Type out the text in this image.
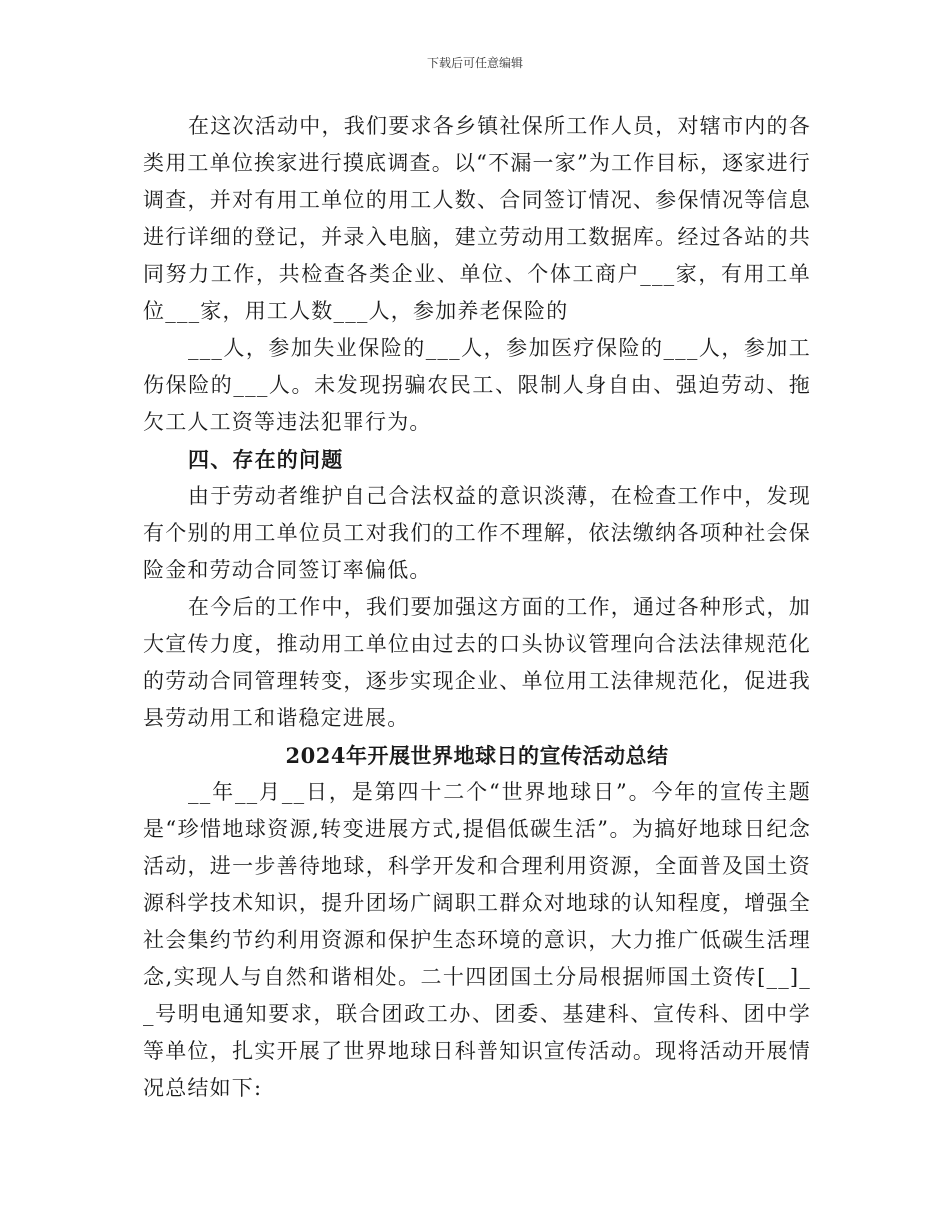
下载后可任意编辑

在这次活动中，我们要求各乡镇社保所工作人员，对辖市内的各类用工单位挨家进行摸底调查。以“不漏一家”为工作目标，逐家进行调查，并对有用工单位的用工人数、合同签订情况、参保情况等信息进行详细的登记，并录入电脑，建立劳动用工数据库。经过各站的共同努力工作，共检查各类企业、单位、个体工商户___家，有用工单位___家，用工人数___人，参加养老保险的

___人，参加失业保险的___人，参加医疗保险的___人，参加工伤保险的___人。未发现拐骗农民工、限制人身自由、强迫劳动、拖欠工人工资等违法犯罪行为。

四、存在的问题

由于劳动者维护自己合法权益的意识淡薄，在检查工作中，发现有个别的用工单位员工对我们的工作不理解，依法缴纳各项种社会保险金和劳动合同签订率偏低。

在今后的工作中，我们要加强这方面的工作，通过各种形式，加大宣传力度，推动用工单位由过去的口头协议管理向合法法律规范化的劳动合同管理转变，逐步实现企业、单位用工法律规范化，促进我县劳动用工和谐稳定进展。

2024年开展世界地球日的宣传活动总结

__年__月__日，是第四十二个“世界地球日”。今年的宣传主题是“珍惜地球资源,转变进展方式,提倡低碳生活”。为搞好地球日纪念活动，进一步善待地球，科学开发和合理利用资源，全面普及国土资源科学技术知识，提升团场广阔职工群众对地球的认知程度，增强全社会集约节约利用资源和保护生态环境的意识，大力推广低碳生活理念,实现人与自然和谐相处。二十四团国土分局根据师国土资传[__]__号明电通知要求，联合团政工办、团委、基建科、宣传科、团中学等单位，扎实开展了世界地球日科普知识宣传活动。现将活动开展情况总结如下:
